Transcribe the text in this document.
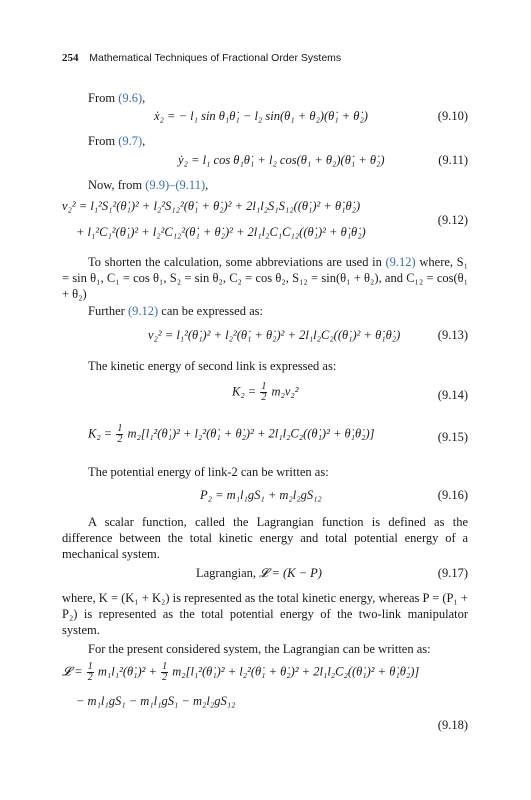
254 Mathematical Techniques of Fractional Order Systems
From (9.6),
ẋ₂ = − l₁ sin θ₁θ̇₁ − l₂ sin(θ₁ + θ₂)(θ̇₁ + θ̇₂)	(9.10)
From (9.7),
ẏ₂ = l₁ cos θ₁θ̇₁ + l₂ cos(θ₁ + θ₂)(θ̇₁ + θ̇₂)	(9.11)
Now, from (9.9)–(9.11),
v₂² = l₁²S₁²(θ̇₁)² + l₂²S₁₂²(θ̇₁ + θ̇₂)² + 2l₁l₂S₁S₁₂((θ̇₁)² + θ̇₁θ̇₂)
+ l₁²C₁²(θ̇₁)² + l₂²C₁₂²(θ̇₁ + θ̇₂)² + 2l₁l₂C₁C₁₂((θ̇₁)² + θ̇₁θ̇₂)
(9.12)
To shorten the calculation, some abbreviations are used in (9.12) where, S₁ = sin θ₁, C₁ = cos θ₁, S₂ = sin θ₂, C₂ = cos θ₂, S₁₂ = sin(θ₁ + θ₂), and C₁₂ = cos(θ₁ + θ₂)
Further (9.12) can be expressed as:
v₂² = l₁²(θ̇₁)² + l₂²(θ̇₁ + θ̇₂)² + 2l₁l₂C₂((θ̇₁)² + θ̇₁θ̇₂)	(9.13)
The kinetic energy of second link is expressed as:
$K_2 = \frac{1}{2} m_2v_2^2$	(9.14)
$K_2 = \frac{1}{2}$ m₂[l₁²(θ̇₁)² + l₂²(θ̇₁ + θ̇₂)² + 2l₁l₂C₂((θ̇₁)² + θ̇₁θ̇₂)]	(9.15)
The potential energy of link-2 can be written as:
P₂ = m₁l₁gS₁ + m₂l₂gS₁₂	(9.16)
A scalar function, called the Lagrangian function is defined as the difference between the total kinetic energy and total potential energy of a mechanical system.
Lagrangian, 𝓛 = (K − P)	(9.17)
where, K = (K₁ + K₂) is represented as the total kinetic energy, whereas P = (P₁ + P₂) is represented as the total potential energy of the two-link manipulator system.
For the present considered system, the Lagrangian can be written as:
𝓛 = $\frac{1}{2}$ m₁l₁²(θ̇₁)² + $\frac{1}{2}$ m₂[l₁²(θ̇₁)² + l₂²(θ̇₁ + θ̇₂)² + 2l₁l₂C₂((θ̇₁)² + θ̇₁θ̇₂)]
− m₁l₁gS₁ − m₁l₁gS₁ − m₂l₂gS₁₂
(9.18)
